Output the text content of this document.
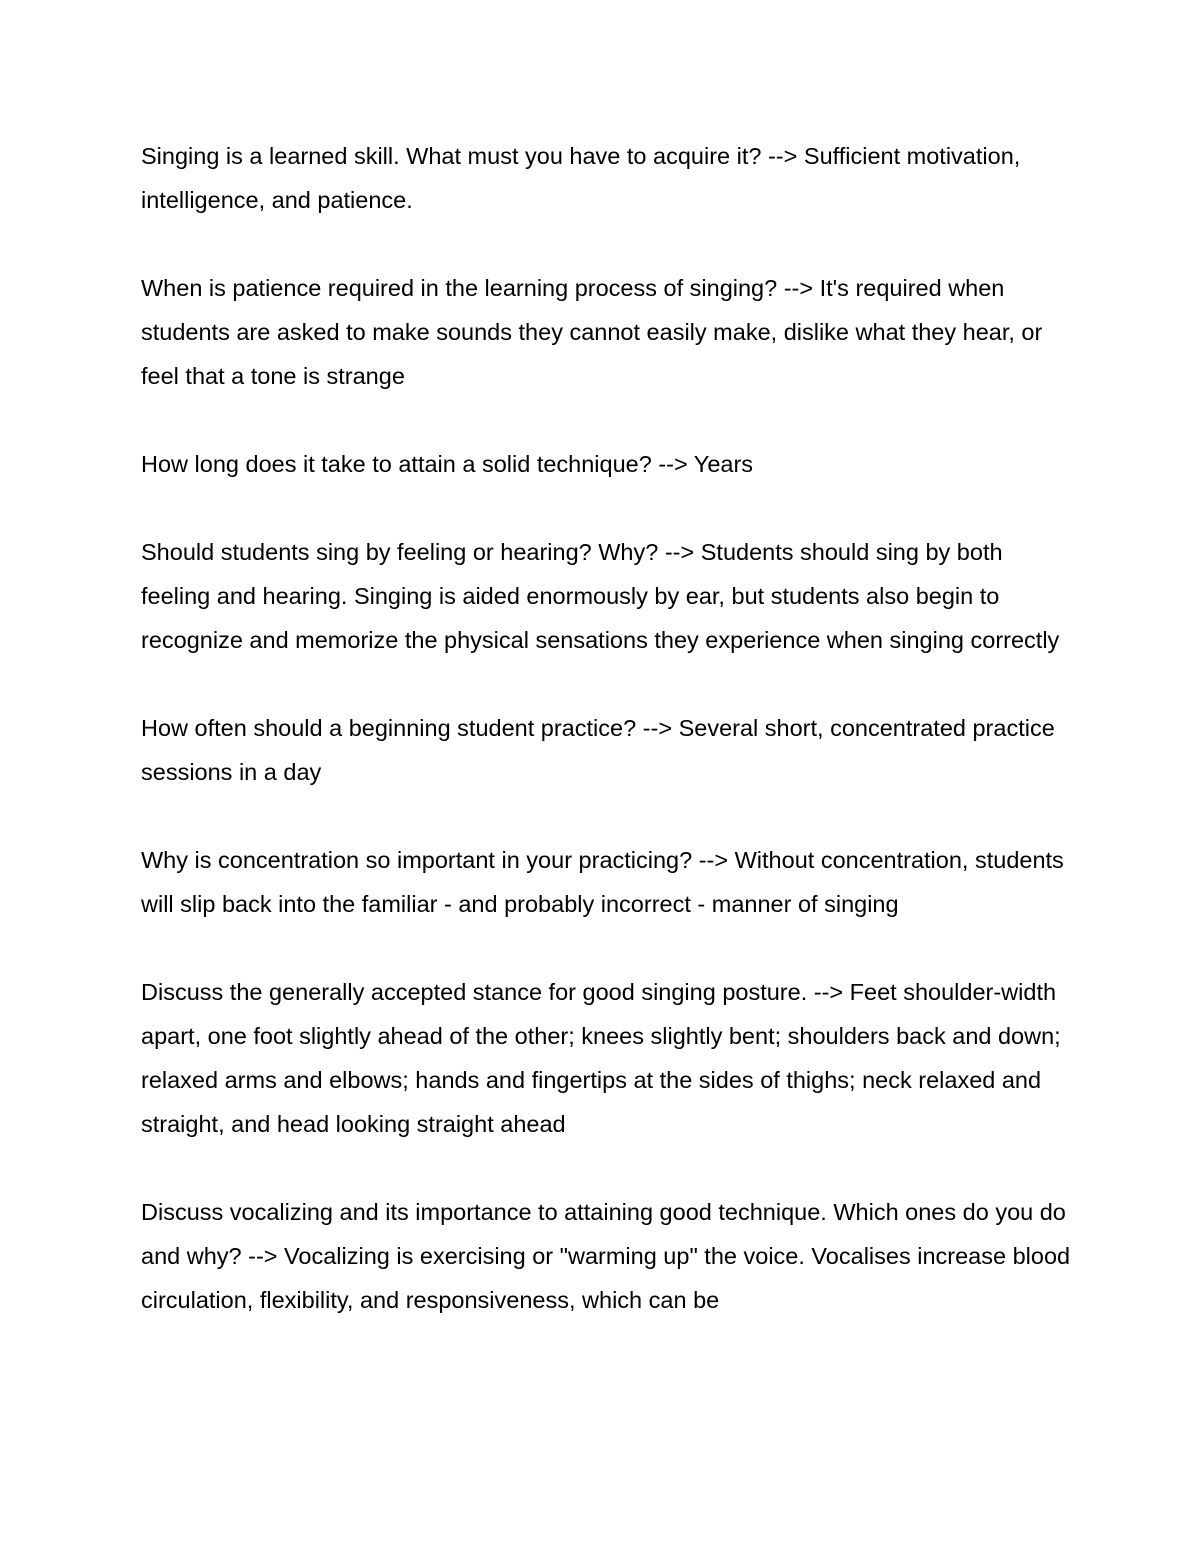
Singing is a learned skill. What must you have to acquire it? --> Sufficient motivation, intelligence, and patience.

When is patience required in the learning process of singing? --> It's required when students are asked to make sounds they cannot easily make, dislike what they hear, or feel that a tone is strange

How long does it take to attain a solid technique? --> Years

Should students sing by feeling or hearing? Why? --> Students should sing by both feeling and hearing. Singing is aided enormously by ear, but students also begin to recognize and memorize the physical sensations they experience when singing correctly

How often should a beginning student practice? --> Several short, concentrated practice sessions in a day

Why is concentration so important in your practicing? --> Without concentration, students will slip back into the familiar - and probably incorrect - manner of singing

Discuss the generally accepted stance for good singing posture. --> Feet shoulder-width apart, one foot slightly ahead of the other; knees slightly bent; shoulders back and down; relaxed arms and elbows; hands and fingertips at the sides of thighs; neck relaxed and straight, and head looking straight ahead

Discuss vocalizing and its importance to attaining good technique. Which ones do you do and why? --> Vocalizing is exercising or "warming up" the voice. Vocalises increase blood circulation, flexibility, and responsiveness, which can be
